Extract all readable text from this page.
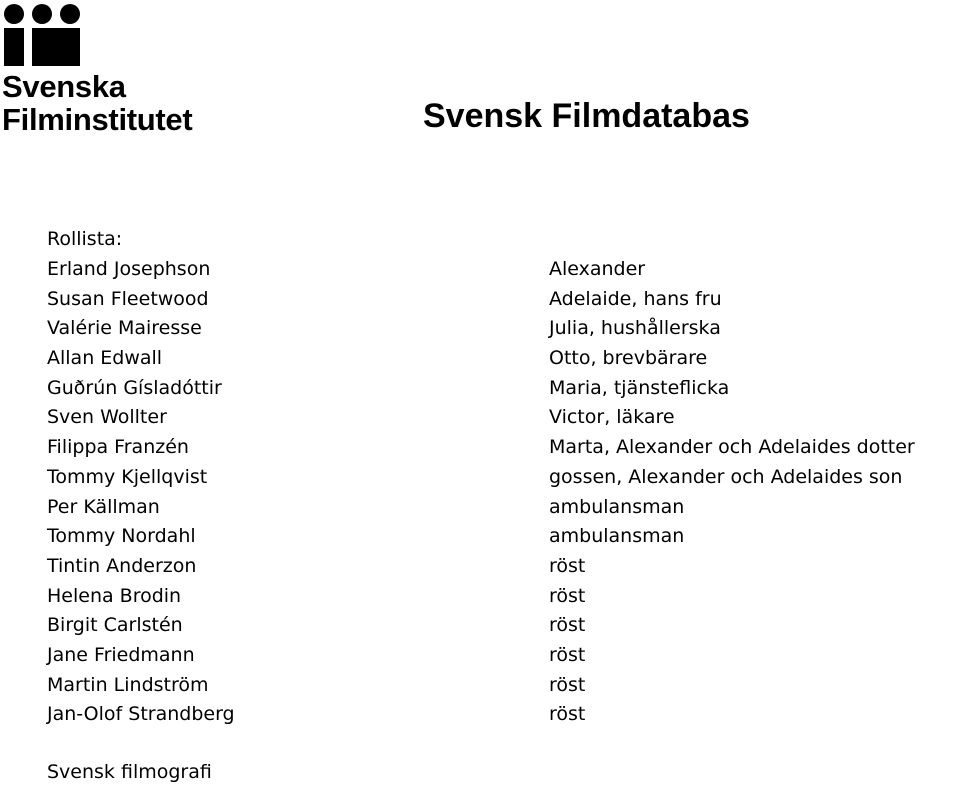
Svenska
Filminstitutet	Svensk Filmdatabas
Rollista:
Erland Josephson	Alexander
Susan Fleetwood	Adelaide, hans fru
Valérie Mairesse	Julia, hushållerska
Allan Edwall	Otto, brevbärare
Guðrún Gísladóttir	Maria, tjänsteflicka
Sven Wollter	Victor, läkare
Filippa Franzén	Marta, Alexander och Adelaides dotter
Tommy Kjellqvist	gossen, Alexander och Adelaides son
Per Källman	ambulansman
Tommy Nordahl	ambulansman
Tintin Anderzon	röst
Helena Brodin	röst
Birgit Carlstén	röst
Jane Friedmann	röst
Martin Lindström	röst
Jan-Olof Strandberg	röst
Svensk filmografi
